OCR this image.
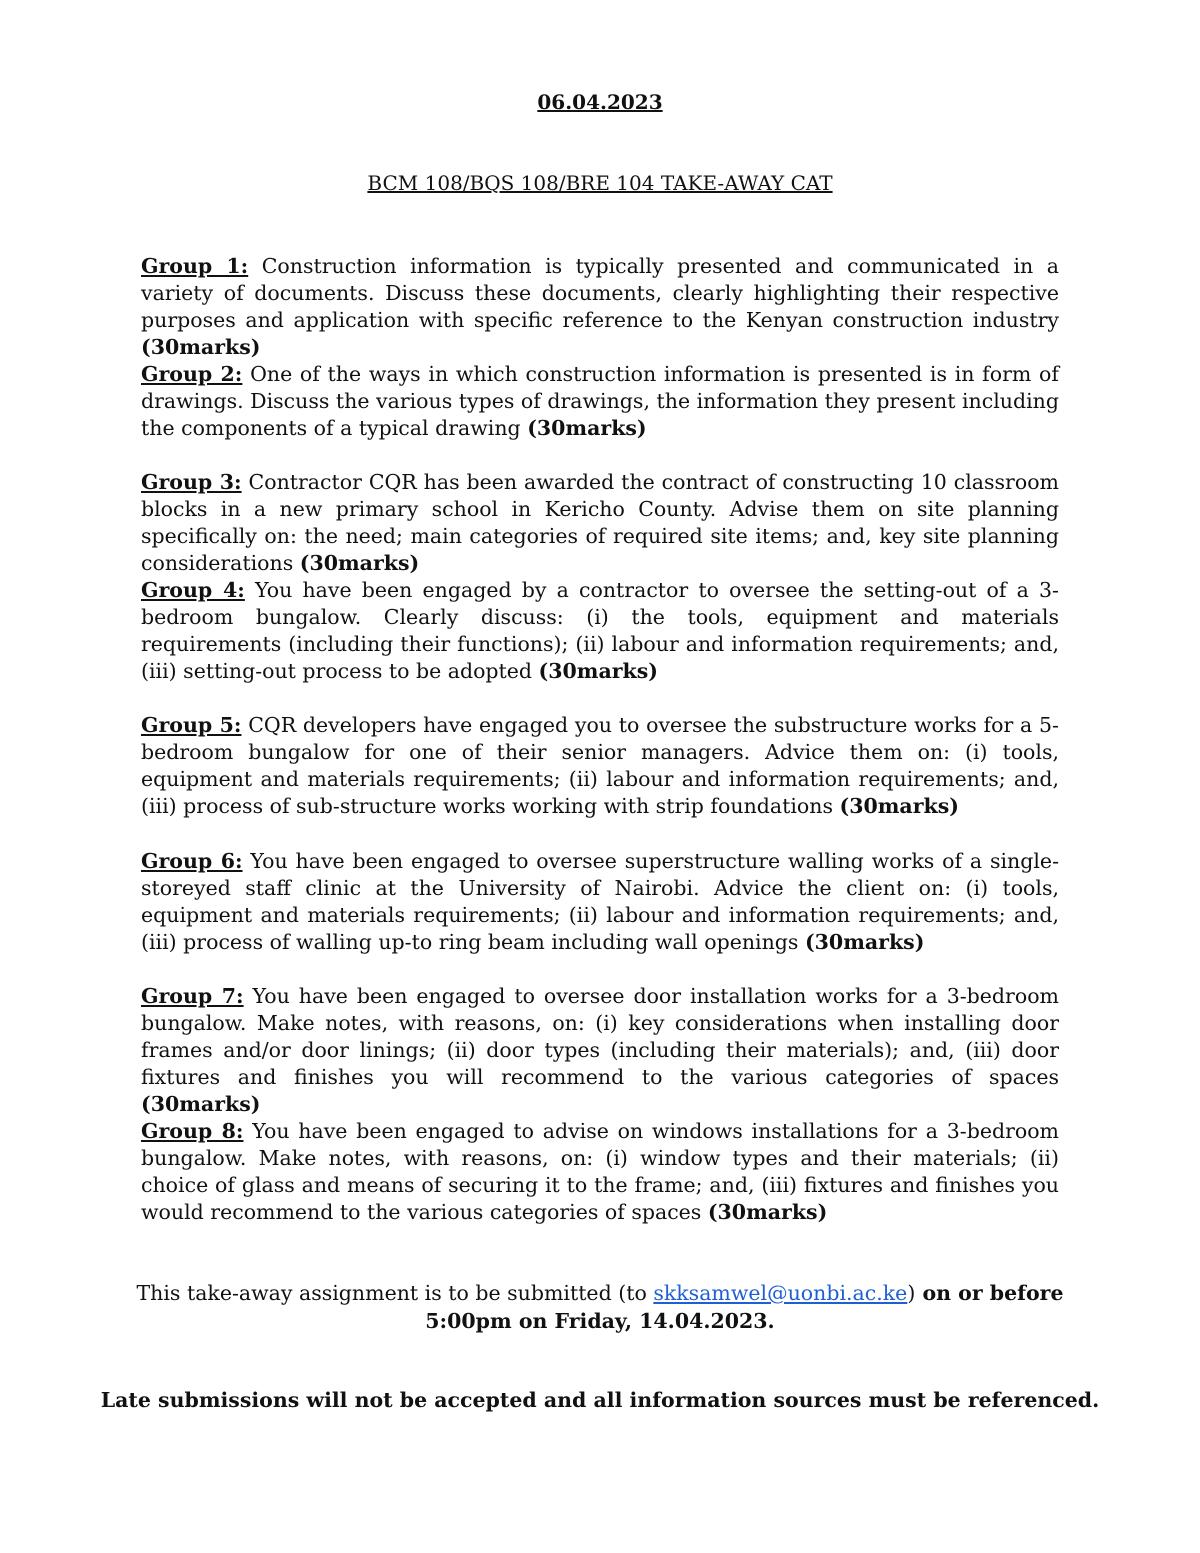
06.04.2023
BCM 108/BQS 108/BRE 104 TAKE-AWAY CAT
Group 1: Construction information is typically presented and communicated in a variety of documents. Discuss these documents, clearly highlighting their respective purposes and application with specific reference to the Kenyan construction industry (30marks)
Group 2: One of the ways in which construction information is presented is in form of drawings. Discuss the various types of drawings, the information they present including the components of a typical drawing (30marks)
Group 3: Contractor CQR has been awarded the contract of constructing 10 classroom blocks in a new primary school in Kericho County. Advise them on site planning specifically on: the need; main categories of required site items; and, key site planning considerations (30marks)
Group 4: You have been engaged by a contractor to oversee the setting-out of a 3-bedroom bungalow. Clearly discuss: (i) the tools, equipment and materials requirements (including their functions); (ii) labour and information requirements; and, (iii) setting-out process to be adopted (30marks)
Group 5: CQR developers have engaged you to oversee the substructure works for a 5-bedroom bungalow for one of their senior managers. Advice them on: (i) tools, equipment and materials requirements; (ii) labour and information requirements; and, (iii) process of sub-structure works working with strip foundations (30marks)
Group 6: You have been engaged to oversee superstructure walling works of a single-storeyed staff clinic at the University of Nairobi. Advice the client on: (i) tools, equipment and materials requirements; (ii) labour and information requirements; and, (iii) process of walling up-to ring beam including wall openings (30marks)
Group 7: You have been engaged to oversee door installation works for a 3-bedroom bungalow. Make notes, with reasons, on: (i) key considerations when installing door frames and/or door linings; (ii) door types (including their materials); and, (iii) door fixtures and finishes you will recommend to the various categories of spaces (30marks)
Group 8: You have been engaged to advise on windows installations for a 3-bedroom bungalow. Make notes, with reasons, on: (i) window types and their materials; (ii) choice of glass and means of securing it to the frame; and, (iii) fixtures and finishes you would recommend to the various categories of spaces (30marks)
This take-away assignment is to be submitted (to skksamwel@uonbi.ac.ke) on or before
5:00pm on Friday, 14.04.2023.
Late submissions will not be accepted and all information sources must be referenced.
